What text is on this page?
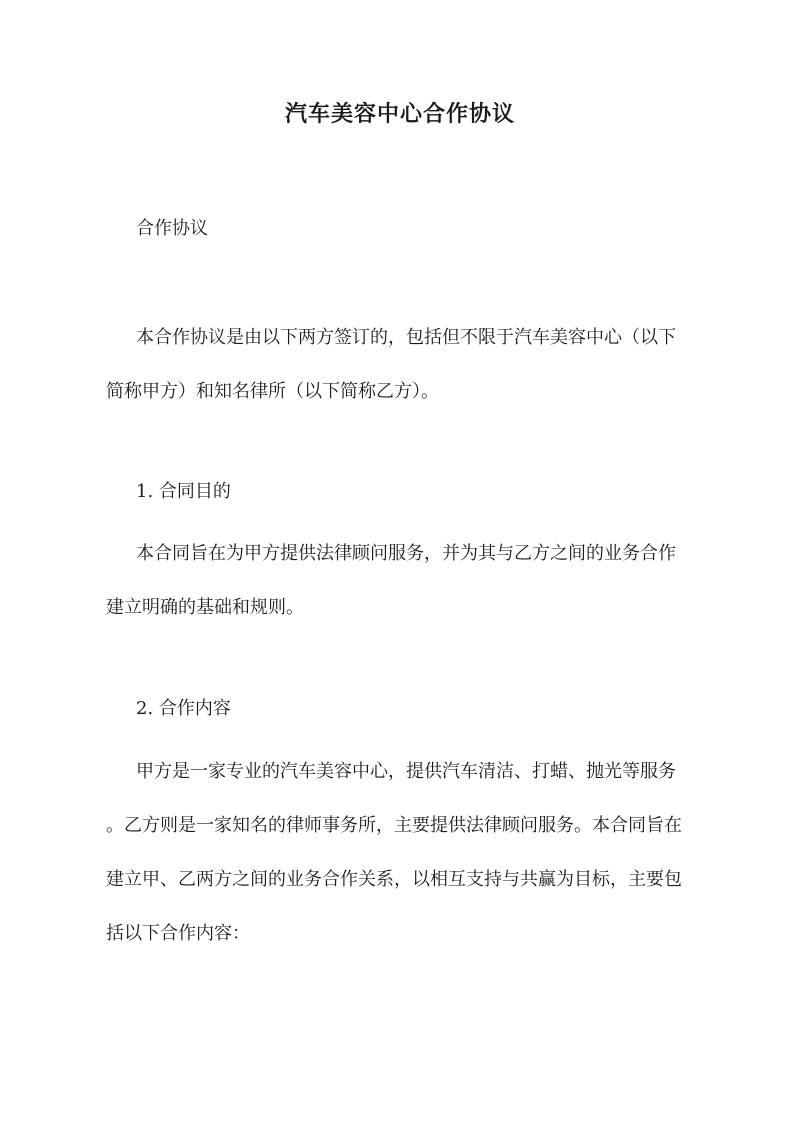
汽车美容中心合作协议

合作协议

本合作协议是由以下两方签订的，包括但不限于汽车美容中心（以下
简称甲方）和知名律所（以下简称乙方）。

1. 合同目的

本合同旨在为甲方提供法律顾问服务，并为其与乙方之间的业务合作
建立明确的基础和规则。

2. 合作内容

甲方是一家专业的汽车美容中心，提供汽车清洁、打蜡、抛光等服务
。乙方则是一家知名的律师事务所，主要提供法律顾问服务。本合同旨在
建立甲、乙两方之间的业务合作关系，以相互支持与共赢为目标，主要包
括以下合作内容：
